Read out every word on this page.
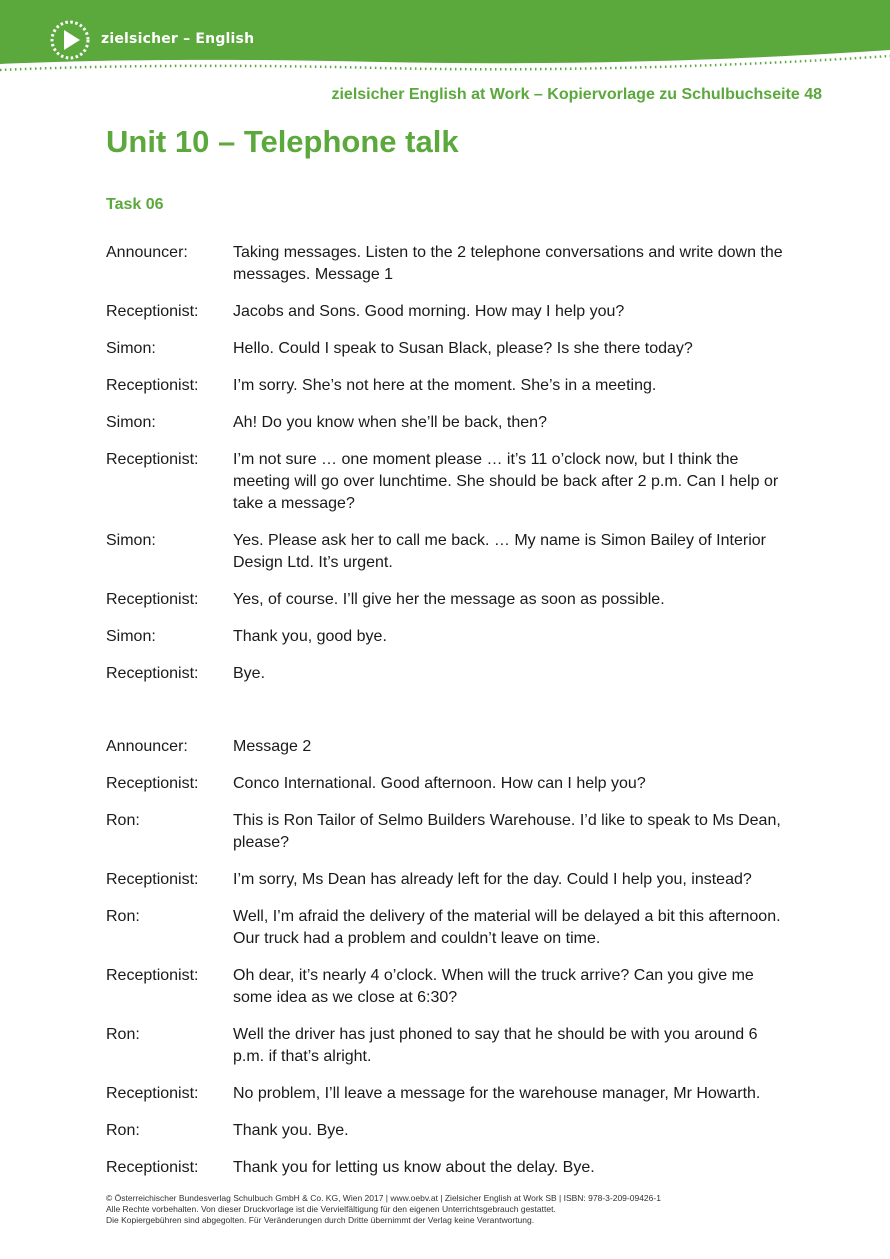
zielsicher – English
zielsicher English at Work – Kopiervorlage zu Schulbuchseite 48
Unit 10 – Telephone talk
Task 06
Announcer:	Taking messages. Listen to the 2 telephone conversations and write down the messages. Message 1
Receptionist:	Jacobs and Sons. Good morning. How may I help you?
Simon:	Hello. Could I speak to Susan Black, please? Is she there today?
Receptionist:	I’m sorry. She’s not here at the moment. She’s in a meeting.
Simon:	Ah! Do you know when she’ll be back, then?
Receptionist:	I’m not sure … one moment please … it’s 11 o’clock now, but I think the meeting will go over lunchtime. She should be back after 2 p.m. Can I help or take a message?
Simon:	Yes. Please ask her to call me back. … My name is Simon Bailey of Interior Design Ltd. It’s urgent.
Receptionist:	Yes, of course. I’ll give her the message as soon as possible.
Simon:	Thank you, good bye.
Receptionist:	Bye.
Announcer:	Message 2
Receptionist:	Conco International. Good afternoon. How can I help you?
Ron:	This is Ron Tailor of Selmo Builders Warehouse. I’d like to speak to Ms Dean, please?
Receptionist:	I’m sorry, Ms Dean has already left for the day. Could I help you, instead?
Ron:	Well, I’m afraid the delivery of the material will be delayed a bit this afternoon. Our truck had a problem and couldn’t leave on time.
Receptionist:	Oh dear, it’s nearly 4 o’clock. When will the truck arrive? Can you give me some idea as we close at 6:30?
Ron:	Well the driver has just phoned to say that he should be with you around 6 p.m. if that’s alright.
Receptionist:	No problem, I’ll leave a message for the warehouse manager, Mr Howarth.
Ron:	Thank you. Bye.
Receptionist:	Thank you for letting us know about the delay. Bye.
© Österreichischer Bundesverlag Schulbuch GmbH & Co. KG, Wien 2017 | www.oebv.at | Zielsicher English at Work SB | ISBN: 978-3-209-09426-1
Alle Rechte vorbehalten. Von dieser Druckvorlage ist die Vervielfältigung für den eigenen Unterrichtsgebrauch gestattet.
Die Kopiergebühren sind abgegolten. Für Veränderungen durch Dritte übernimmt der Verlag keine Verantwortung.
